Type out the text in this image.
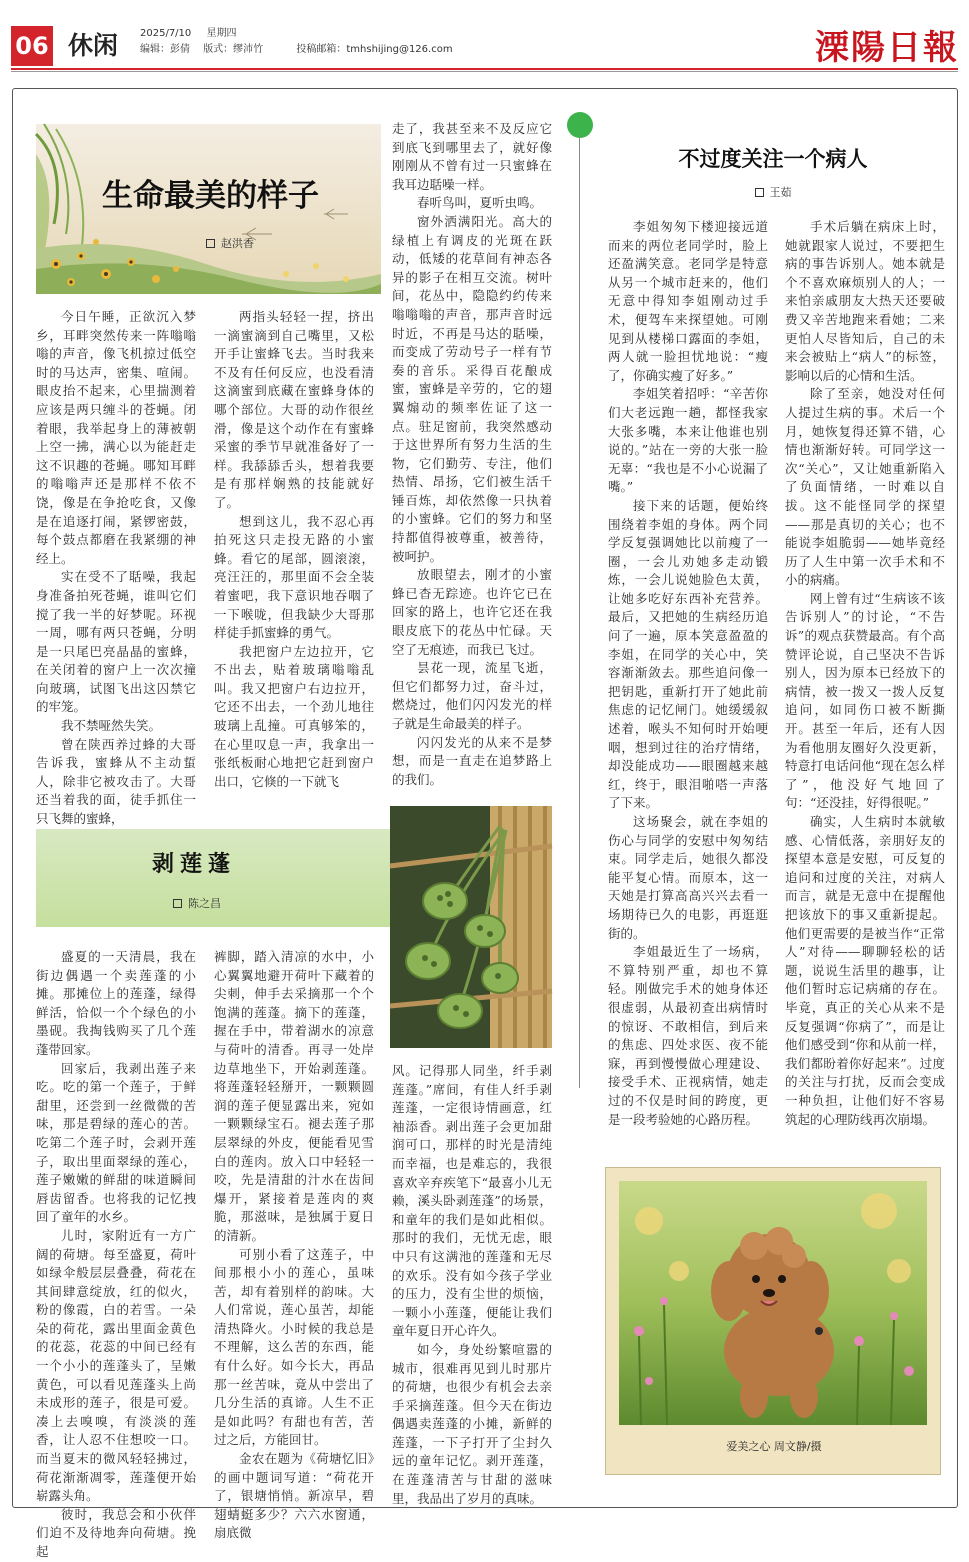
06 休闲 2025/7/10 星期四
编辑：彭倩 版式：缪沛竹	投稿邮箱：tmhshijing@126.com	溧陽日報
生命最美的样子
赵洪香

今日午睡，正欲沉入梦乡，耳畔突然传来一阵嗡嗡嗡的声音，像飞机掠过低空时的马达声，密集、喧闹。眼皮抬不起来，心里揣测着应该是两只缠斗的苍蝇。闭着眼，我举起身上的薄被朝上空一拂，满心以为能赶走这不识趣的苍蝇。哪知耳畔的嗡嗡声还是那样不依不饶，像是在争抢吃食，又像是在追逐打闹，紧锣密鼓，每个鼓点都磨在我紧绷的神经上。

实在受不了聒噪，我起身准备拍死苍蝇，谁叫它们搅了我一半的好梦呢。环视一周，哪有两只苍蝇，分明是一只尾巴亮晶晶的蜜蜂，在关闭着的窗户上一次次撞向玻璃，试图飞出这囚禁它的牢笼。

我不禁哑然失笑。

曾在陕西养过蜂的大哥告诉我，蜜蜂从不主动蜇人，除非它被攻击了。大哥还当着我的面，徒手抓住一只飞舞的蜜蜂，

两指头轻轻一捏，挤出一滴蜜滴到自己嘴里，又松开手让蜜蜂飞去。当时我来不及有任何反应，也没看清这滴蜜到底藏在蜜蜂身体的哪个部位。大哥的动作很丝滑，像是这个动作在有蜜蜂采蜜的季节早就准备好了一样。我舔舔舌头，想着我要是有那样娴熟的技能就好了。

想到这儿，我不忍心再拍死这只走投无路的小蜜蜂。看它的尾部，圆滚滚，亮汪汪的，那里面不会全装着蜜吧，我下意识地吞咽了一下喉咙，但我缺少大哥那样徒手抓蜜蜂的勇气。

我把窗户左边拉开，它不出去，贴着玻璃嗡嗡乱叫。我又把窗户右边拉开，它还不出去，一个劲儿地往玻璃上乱撞。可真够笨的，在心里叹息一声，我拿出一张纸板耐心地把它赶到窗户出口，它倏的一下就飞

走了，我甚至来不及反应它到底飞到哪里去了，就好像刚刚从不曾有过一只蜜蜂在我耳边聒噪一样。

春听鸟叫，夏听虫鸣。

窗外洒满阳光。高大的绿植上有调皮的光斑在跃动，低矮的花草间有神态各异的影子在相互交流。树叶间，花丛中，隐隐约约传来嗡嗡嗡的声音，那声音时远时近，不再是马达的聒噪，而变成了劳动号子一样有节奏的音乐。采得百花酿成蜜，蜜蜂是辛劳的，它的翅翼煽动的频率佐证了这一点。驻足窗前，我突然感动于这世界所有努力生活的生物，它们勤劳、专注，他们热情、昂扬，它们被生活千锤百炼，却依然像一只执着的小蜜蜂。它们的努力和坚持都值得被尊重，被善待，被呵护。

放眼望去，刚才的小蜜蜂已杳无踪迹。也许它已在回家的路上，也许它还在我眼皮底下的花丛中忙碌。天空了无痕迹，而我已飞过。

昙花一现，流星飞逝，但它们都努力过，奋斗过，燃烧过，他们闪闪发光的样子就是生命最美的样子。

闪闪发光的从来不是梦想，而是一直走在追梦路上的我们。

剥莲蓬
陈之昌

盛夏的一天清晨，我在街边偶遇一个卖莲蓬的小摊。那摊位上的莲蓬，绿得鲜活，恰似一个个绿色的小墨砚。我掏钱购买了几个莲蓬带回家。

回家后，我剥出莲子来吃。吃的第一个莲子，于鲜甜里，还尝到一丝微微的苦味，那是碧绿的莲心的苦。吃第二个莲子时，会剥开莲子，取出里面翠绿的莲心，莲子嫩嫩的鲜甜的味道瞬间唇齿留香。也将我的记忆拽回了童年的水乡。

儿时，家附近有一方广阔的荷塘。每至盛夏，荷叶如绿伞般层层叠叠，荷花在其间肆意绽放，红的似火，粉的像霞，白的若雪。一朵朵的荷花，露出里面金黄色的花蕊，花蕊的中间已经有一个小小的莲蓬头了，呈嫩黄色，可以看见莲蓬头上尚未成形的莲子，很是可爱。凑上去嗅嗅，有淡淡的莲香，让人忍不住想咬一口。而当夏末的微风轻轻拂过，荷花渐渐凋零，莲蓬便开始崭露头角。

彼时，我总会和小伙伴们迫不及待地奔向荷塘。挽起

裤脚，踏入清凉的水中，小心翼翼地避开荷叶下藏着的尖刺，伸手去采摘那一个个饱满的莲蓬。摘下的莲蓬，握在手中，带着湖水的凉意与荷叶的清香。再寻一处岸边草地坐下，开始剥莲蓬。将莲蓬轻轻掰开，一颗颗圆润的莲子便显露出来，宛如一颗颗绿宝石。褪去莲子那层翠绿的外皮，便能看见雪白的莲肉。放入口中轻轻一咬，先是清甜的汁水在齿间爆开，紧接着是莲肉的爽脆，那滋味，是独属于夏日的清新。

可别小看了这莲子，中间那根小小的莲心，虽味苦，却有着别样的韵味。大人们常说，莲心虽苦，却能清热降火。小时候的我总是不理解，这么苦的东西，能有什么好。如今长大，再品那一丝苦味，竟从中尝出了几分生活的真谛。人生不正是如此吗？有甜也有苦，苦过之后，方能回甘。

金农在题为《荷塘忆旧》的画中题词写道：“荷花开了，银塘悄悄。新凉早，碧翅蜻蜓多少？六六水窗通，扇底微

风。记得那人同坐，纤手剥莲蓬。”席间，有佳人纤手剥莲蓬，一定很诗情画意，红袖添香。剥出莲子会更加甜润可口，那样的时光是清纯而幸福，也是难忘的，我很喜欢辛弃疾笔下“最喜小儿无赖，溪头卧剥莲蓬”的场景，和童年的我们是如此相似。那时的我们，无忧无虑，眼中只有这满池的莲蓬和无尽的欢乐。没有如今孩子学业的压力，没有尘世的烦恼，一颗小小莲蓬，便能让我们童年夏日开心许久。

如今，身处纷繁喧嚣的城市，很难再见到儿时那片的荷塘，也很少有机会去亲手采摘莲蓬。但今天在街边偶遇卖莲蓬的小摊，新鲜的莲蓬，一下子打开了尘封久远的童年记忆。剥开莲蓬，在莲蓬清苦与甘甜的滋味里，我品出了岁月的真味。

不过度关注一个病人
王茹

李姐匆匆下楼迎接远道而来的两位老同学时，脸上还盈满笑意。老同学是特意从另一个城市赶来的，他们无意中得知李姐刚动过手术，便驾车来探望她。可刚见到从楼梯口露面的李姐，两人就一脸担忧地说：“瘦了，你确实瘦了好多。”

李姐笑着招呼：“辛苦你们大老远跑一趟，都怪我家大张多嘴，本来让他谁也别说的。”站在一旁的大张一脸无辜：“我也是不小心说漏了嘴。”

接下来的话题，便始终围绕着李姐的身体。两个同学反复强调她比以前瘦了一圈，一会儿劝她多走动锻炼，一会儿说她脸色太黄，让她多吃好东西补充营养。最后，又把她的生病经历追问了一遍，原本笑意盈盈的李姐，在同学的关心中，笑容渐渐敛去。那些追问像一把钥匙，重新打开了她此前焦虑的记忆闸门。她缓缓叙述着，喉头不知何时开始哽咽，想到过往的治疗情绪，却没能成功——眼圈越来越红，终于，眼泪啪嗒一声落了下来。

这场聚会，就在李姐的伤心与同学的安慰中匆匆结束。同学走后，她很久都没能平复心情。而原本，这一天她是打算高高兴兴去看一场期待已久的电影，再逛逛街的。

李姐最近生了一场病，不算特别严重，却也不算轻。刚做完手术的她身体还很虚弱，从最初查出病情时的惊讶、不敢相信，到后来的焦虑、四处求医、夜不能寐，再到慢慢做心理建设、接受手术、正视病情，她走过的不仅是时间的跨度，更是一段考验她的心路历程。

手术后躺在病床上时，她就跟家人说过，不要把生病的事告诉别人。她本就是个不喜欢麻烦别人的人；一来怕亲戚朋友大热天还要破费又辛苦地跑来看她；二来更怕人尽皆知后，自己的未来会被贴上“病人”的标签，影响以后的心情和生活。

除了至亲，她没对任何人提过生病的事。术后一个月，她恢复得还算不错，心情也渐渐好转。可同学这一次“关心”，又让她重新陷入了负面情绪，一时难以自拔。这不能怪同学的探望——那是真切的关心；也不能说李姐脆弱——她毕竟经历了人生中第一次手术和不小的病痛。

网上曾有过“生病该不该告诉别人”的讨论，“不告诉”的观点获赞最高。有个高赞评论说，自己坚决不告诉别人，因为原本已经放下的病情，被一拨又一拨人反复追问，如同伤口被不断撕开。甚至一年后，还有人因为看他朋友圈好久没更新，特意打电话问他“现在怎么样了”，他没好气地回了句：“还没挂，好得很呢。”

确实，人生病时本就敏感、心情低落，亲朋好友的探望本意是安慰，可反复的追问和过度的关注，对病人而言，就是无意中在提醒他把该放下的事又重新提起。他们更需要的是被当作“正常人”对待——聊聊轻松的话题，说说生活里的趣事，让他们暂时忘记病痛的存在。毕竟，真正的关心从来不是反复强调“你病了”，而是让他们感受到“你和从前一样，我们都盼着你好起来”。过度的关注与打扰，反而会变成一种负担，让他们好不容易筑起的心理防线再次崩塌。

爱美之心 周文静/摄
